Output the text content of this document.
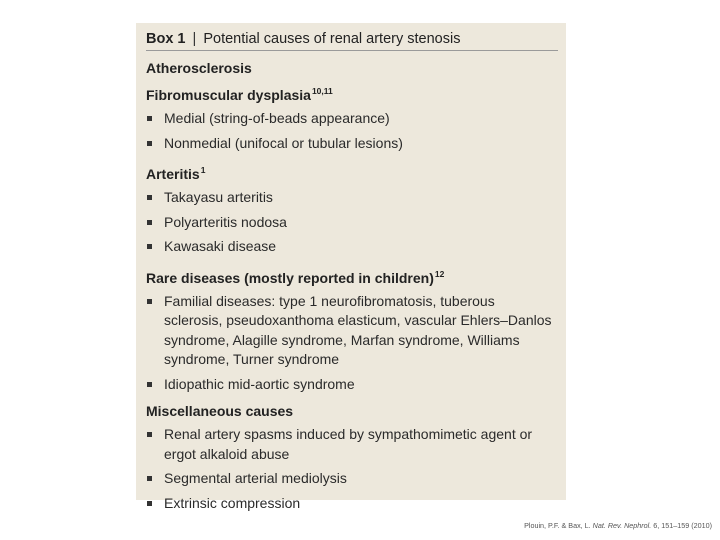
Box 1 | Potential causes of renal artery stenosis
Atherosclerosis
Fibromuscular dysplasia$^{10,11}$
Medial (string-of-beads appearance)
Nonmedial (unifocal or tubular lesions)
Arteritis$^1$
Takayasu arteritis
Polyarteritis nodosa
Kawasaki disease
Rare diseases (mostly reported in children)$^{12}$
Familial diseases: type 1 neurofibromatosis, tuberous sclerosis, pseudoxanthoma elasticum, vascular Ehlers–Danlos syndrome, Alagille syndrome, Marfan syndrome, Williams syndrome, Turner syndrome
Idiopathic mid-aortic syndrome
Miscellaneous causes
Renal artery spasms induced by sympathomimetic agent or ergot alkaloid abuse
Segmental arterial mediolysis
Extrinsic compression
Plouin, P.F. & Bax, L. Nat. Rev. Nephrol. 6, 151–159 (2010)
